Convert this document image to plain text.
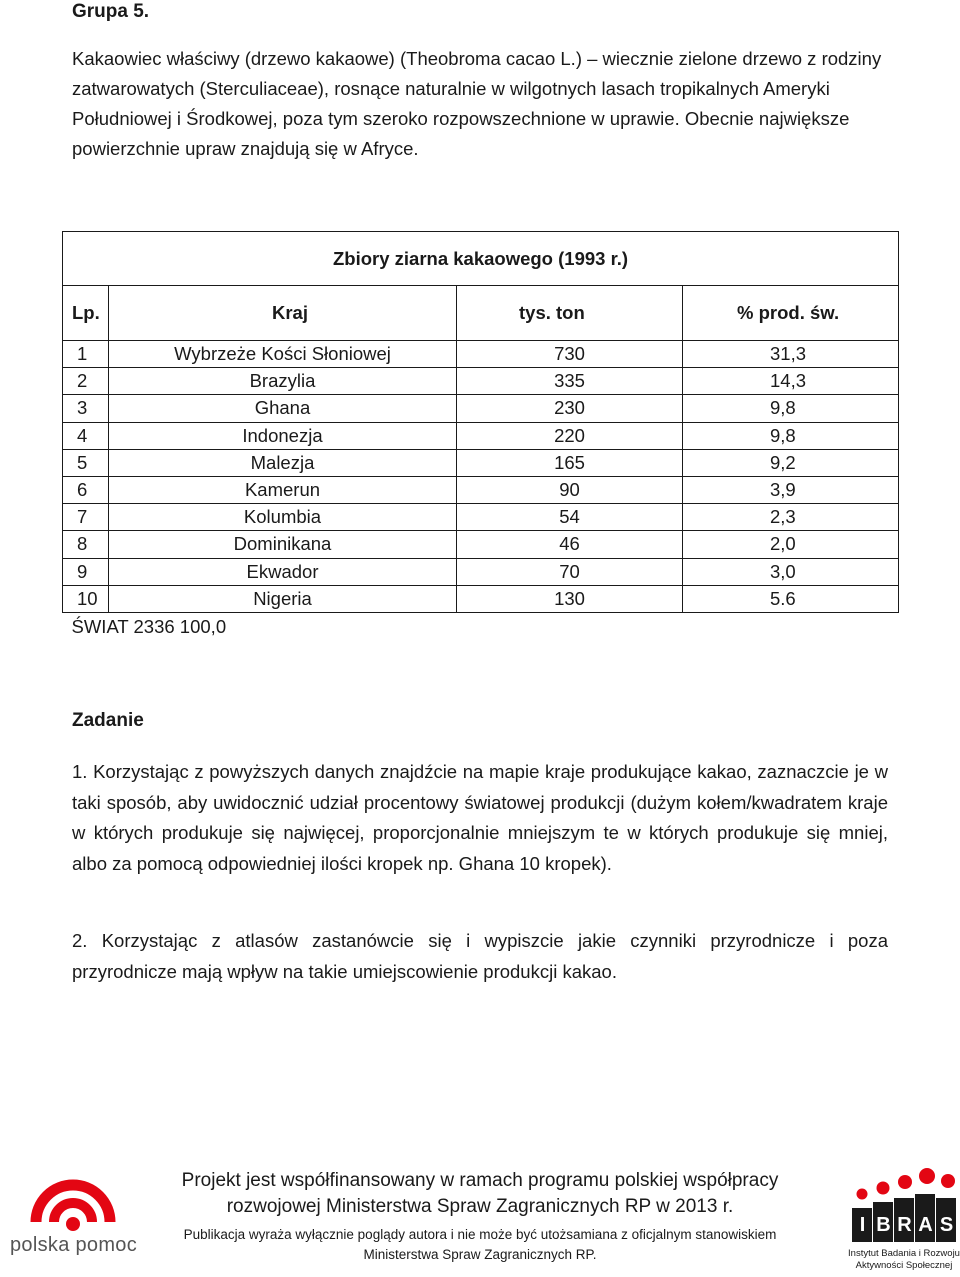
Grupa 5.

Kakaowiec właściwy (drzewo kakaowe) (Theobroma cacao L.) – wiecznie zielone drzewo z rodziny zatwarowatych (Sterculiaceae), rosnące naturalnie w wilgotnych lasach tropikalnych Ameryki Południowej i Środkowej, poza tym szeroko rozpowszechnione w uprawie. Obecnie największe powierzchnie upraw znajdują się w Afryce.

Zbiory ziarna kakaowego (1993 r.)			
Lp.	Kraj	tys. ton	% prod. św.
1	Wybrzeże Kości Słoniowej	730	31,3
2	Brazylia	335	14,3
3	Ghana	230	9,8
4	Indonezja	220	9,8
5	Malezja	165	9,2
6	Kamerun	90	3,9
7	Kolumbia	54	2,3
8	Dominikana	46	2,0
9	Ekwador	70	3,0
10	Nigeria	130	5.6
ŚWIAT 2336 100,0			
Zadanie

1. Korzystając z powyższych danych znajdźcie na mapie kraje produkujące kakao, zaznaczcie je w taki sposób, aby uwidocznić udział procentowy światowej produkcji (dużym kołem/kwadratem kraje w których produkuje się najwięcej, proporcjonalnie mniejszym te w których produkuje się mniej, albo za pomocą odpowiedniej ilości kropek np. Ghana 10 kropek).

2. Korzystając z atlasów zastanówcie się i wypiszcie jakie czynniki przyrodnicze i poza przyrodnicze mają wpływ na takie umiejscowienie produkcji kakao.

polska pomoc
Projekt jest współfinansowany w ramach programu polskiej współpracy
rozwojowej Ministerstwa Spraw Zagranicznych RP w 2013 r.
Publikacja wyraża wyłącznie poglądy autora i nie może być utożsamiana z oficjalnym stanowiskiem
Ministerstwa Spraw Zagranicznych RP.
I B R A S
Instytut Badania i Rozwoju
Aktywności Społecznej
